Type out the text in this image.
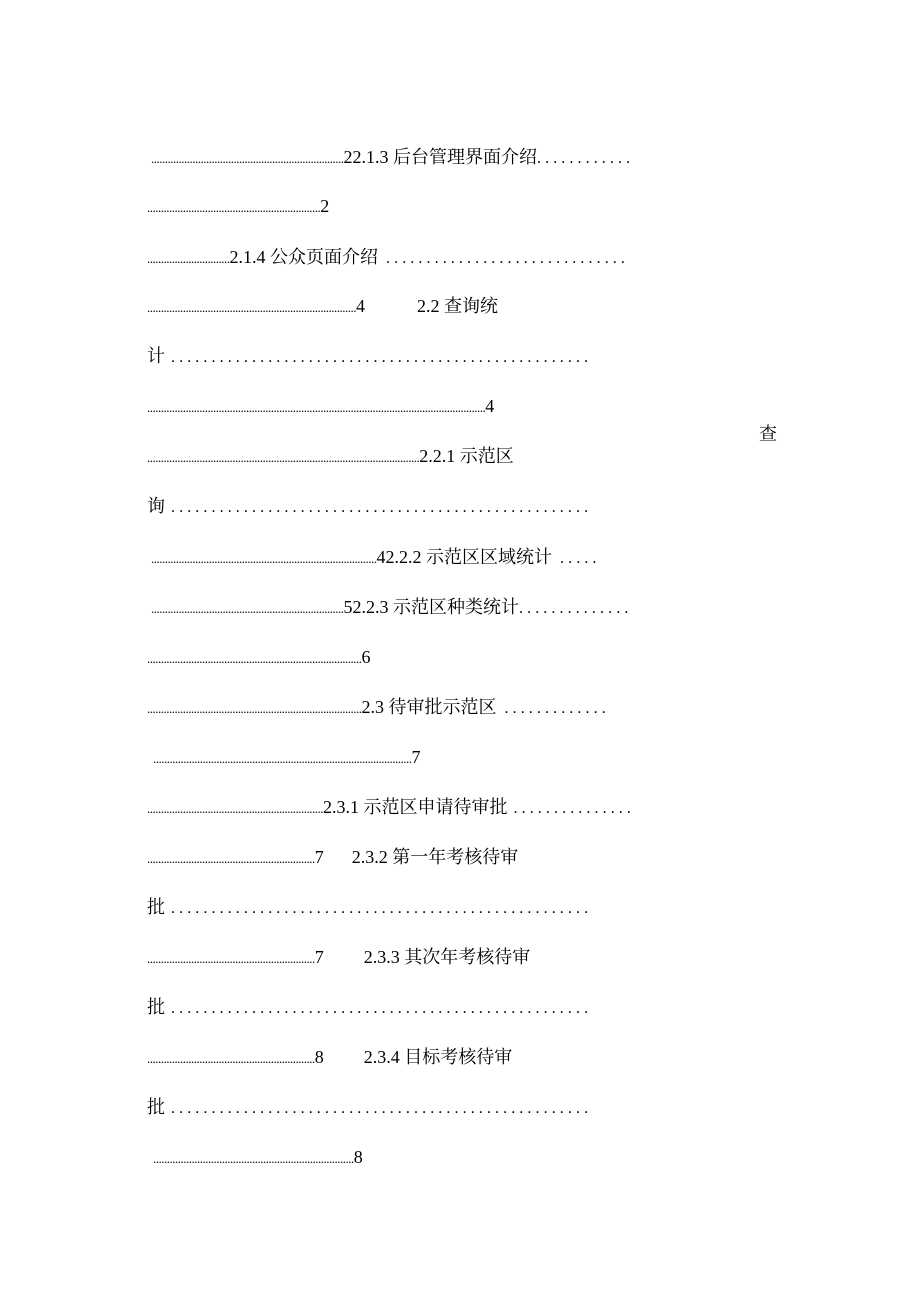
......................................................................22.1.3 后台管理界面介绍............

...............................................................2

..............................2.1.4 公众页面介绍 ..............................

............................................................................4	2.2 查询统

计 ....................................................

...........................................................................................................................4

...................................................................................................2.2.1 示范区

查

询 ....................................................

..................................................................................42.2.2 示范区区域统计 .....

......................................................................52.2.3 示范区种类统计..............

..............................................................................6

..............................................................................2.3 待审批示范区 .............

..............................................................................................7

................................................................2.3.1 示范区申请待审批 ...............

.............................................................7 2.3.2 第一年考核待审

批 ....................................................

.............................................................7 2.3.3 其次年考核待审

批 ....................................................

.............................................................8 2.3.4 目标考核待审

批 ....................................................

.........................................................................8
